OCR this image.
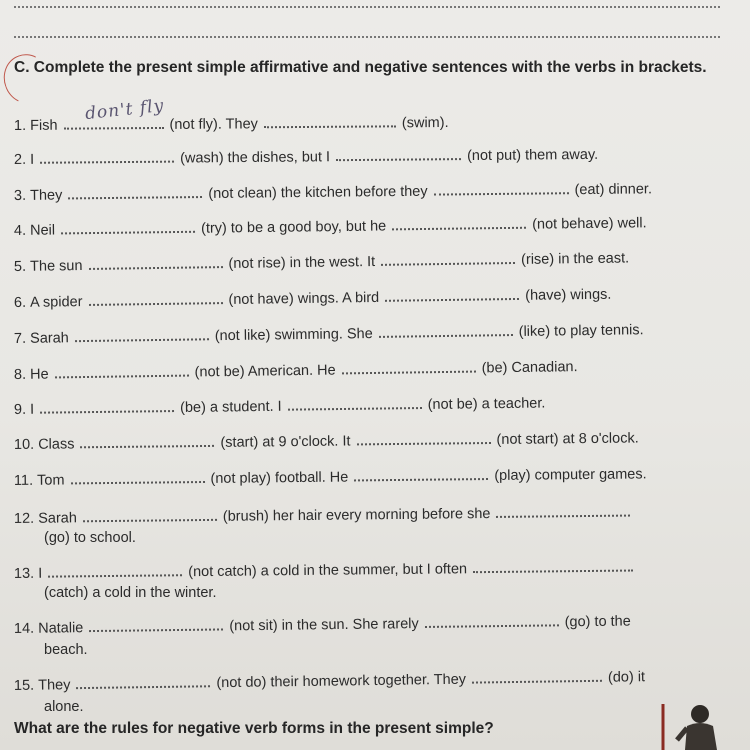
C. Complete the present simple affirmative and negative sentences with the verbs in brackets.
don't fly
1. Fish	(not fly). They	(swim).
2. I	(wash) the dishes, but I	(not put) them away.
3. They	(not clean) the kitchen before they	(eat) dinner.
4. Neil	(try) to be a good boy, but he	(not behave) well.
5. The sun	(not rise) in the west. It	(rise) in the east.
6. A spider	(not have) wings. A bird	(have) wings.
7. Sarah	(not like) swimming. She	(like) to play tennis.
8. He	(not be) American. He	(be) Canadian.
9. I	(be) a student. I	(not be) a teacher.
10. Class	(start) at 9 o'clock. It	(not start) at 8 o'clock.
11. Tom	(not play) football. He	(play) computer games.
12. Sarah	(brush) her hair every morning before she
(go) to school.
13. I	(not catch) a cold in the summer, but I often
(catch) a cold in the winter.
14. Natalie	(not sit) in the sun. She rarely	(go) to the
beach.
15. They	(not do) their homework together. They	(do) it
alone.
What are the rules for negative verb forms in the present simple?
